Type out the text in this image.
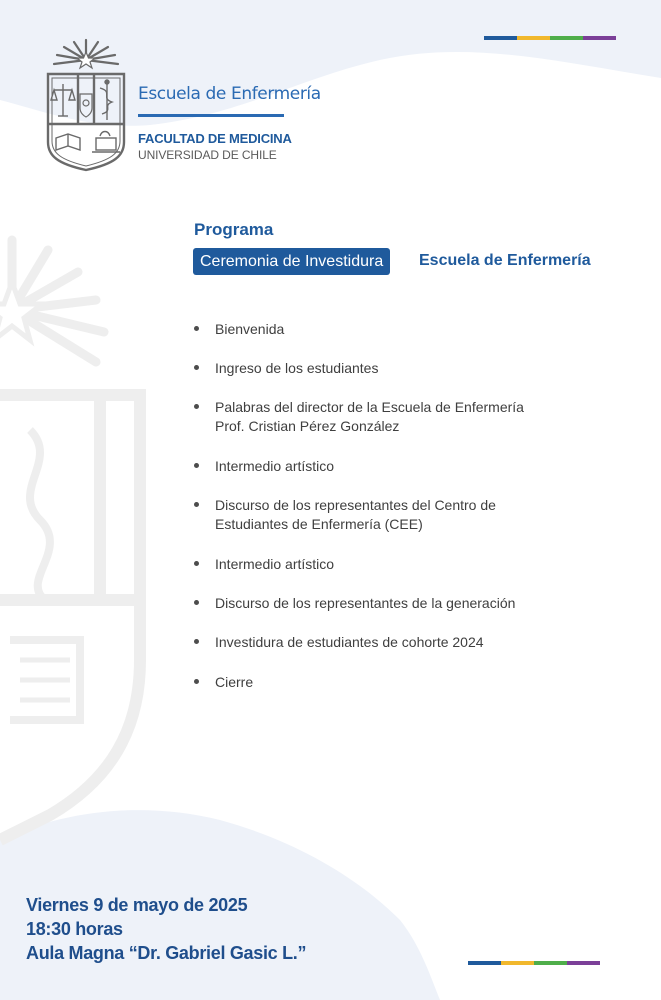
Escuela de Enfermería
FACULTAD DE MEDICINA
UNIVERSIDAD DE CHILE
Programa
Ceremonia de Investidura	Escuela de Enfermería
Bienvenida
Ingreso de los estudiantes
Palabras del director de la Escuela de Enfermería
Prof. Cristian Pérez González
Intermedio artístico
Discurso de los representantes del Centro de
Estudiantes de Enfermería (CEE)
Intermedio artístico
Discurso de los representantes de la generación
Investidura de estudiantes de cohorte 2024
Cierre
Viernes 9 de mayo de 2025
18:30 horas
Aula Magna “Dr. Gabriel Gasic L.”
